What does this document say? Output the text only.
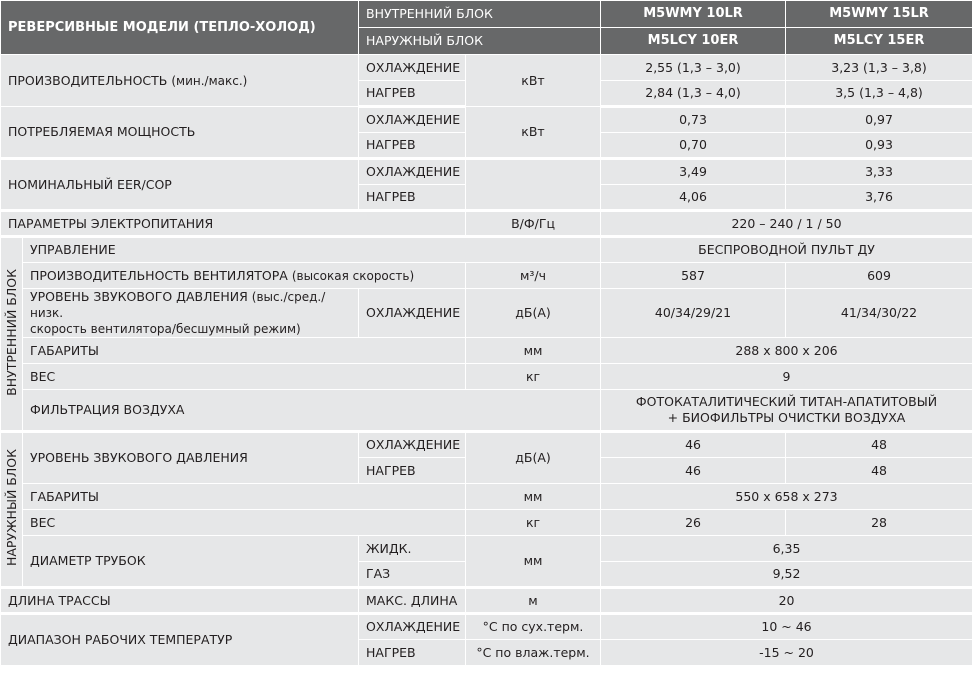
РЕВЕРСИВНЫЕ МОДЕЛИ (ТЕПЛО-ХОЛОД)		ВНУТРЕННИЙ БЛОК		M5WMY 10LR	M5WMY 15LR
		НАРУЖНЫЙ БЛОК		M5LCY 10ER	M5LCY 15ER
ПРОИЗВОДИТЕЛЬНОСТЬ (мин./макс.)		ОХЛАЖДЕНИЕ	кВт	2,55 (1,3 – 3,0)	3,23 (1,3 – 3,8)
		НАГРЕВ		2,84 (1,3 – 4,0)	3,5 (1,3 – 4,8)
ПОТРЕБЛЯЕМАЯ МОЩНОСТЬ		ОХЛАЖДЕНИЕ	кВт	0,73	0,97
		НАГРЕВ		0,70	0,93
НОМИНАЛЬНЫЙ EER/COP		ОХЛАЖДЕНИЕ		3,49	3,33
		НАГРЕВ		4,06	3,76
ПАРАМЕТРЫ ЭЛЕКТРОПИТАНИЯ			В/Ф/Гц	220 – 240 / 1 / 50	
ВНУТРЕННИЙ БЛОК	УПРАВЛЕНИЕ			БЕСПРОВОДНОЙ ПУЛЬТ ДУ	
	ПРОИЗВОДИТЕЛЬНОСТЬ ВЕНТИЛЯТОРА (высокая скорость)		м³/ч	587	609
	УРОВЕНЬ ЗВУКОВОГО ДАВЛЕНИЯ (выс./сред./низк.
скорость вентилятора/бесшумный режим)	ОХЛАЖДЕНИЕ	дБ(А)	40/34/29/21	41/34/30/22
	ГАБАРИТЫ		мм	288 x 800 x 206	
	ВЕС		кг	9	
	ФИЛЬТРАЦИЯ ВОЗДУХА			ФОТОКАТАЛИТИЧЕСКИЙ ТИТАН-АПАТИТОВЫЙ
+ БИОФИЛЬТРЫ ОЧИСТКИ ВОЗДУХА	

НАРУЖНЫЙ БЛОК	УРОВЕНЬ ЗВУКОВОГО ДАВЛЕНИЯ	ОХЛАЖДЕНИЕ	дБ(А)	46	48
		НАГРЕВ		46	48
	ГАБАРИТЫ		мм	550 x 658 x 273	
	ВЕС		кг	26	28
	ДИАМЕТР ТРУБОК	ЖИДК.	мм	6,35	
		ГАЗ		9,52	
ДЛИНА ТРАССЫ		МАКС. ДЛИНА	м	20	
ДИАПАЗОН РАБОЧИХ ТЕМПЕРАТУР		ОХЛАЖДЕНИЕ	°С по сух.терм.	10 ~ 46	
		НАГРЕВ	°С по влаж.терм.	-15 ~ 20	
